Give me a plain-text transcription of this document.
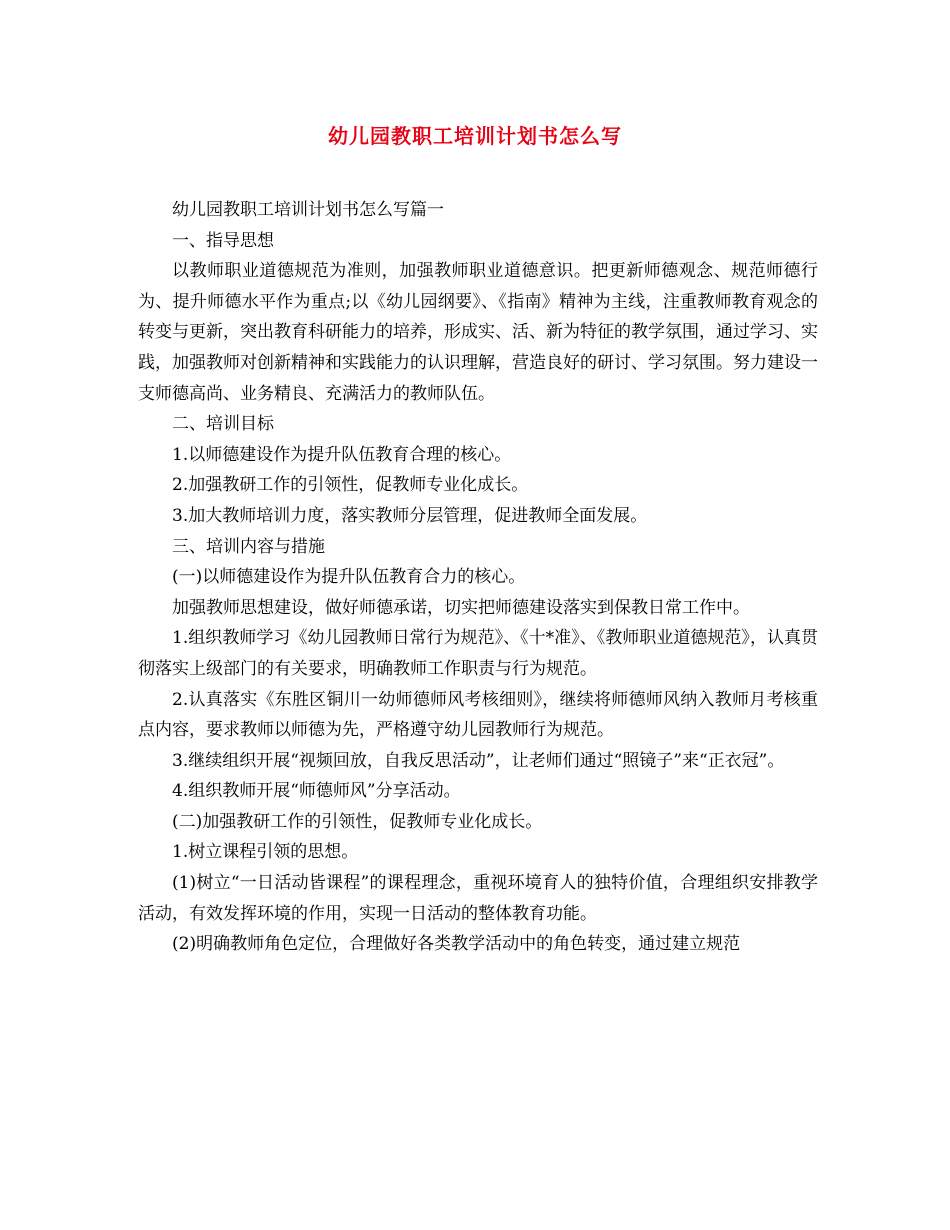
幼儿园教职工培训计划书怎么写

幼儿园教职工培训计划书怎么写篇一

一、指导思想

以教师职业道德规范为准则，加强教师职业道德意识。把更新师德观念、规范师德行为、提升师德水平作为重点;以《幼儿园纲要》、《指南》精神为主线，注重教师教育观念的转变与更新，突出教育科研能力的培养，形成实、活、新为特征的教学氛围，通过学习、实践，加强教师对创新精神和实践能力的认识理解，营造良好的研讨、学习氛围。努力建设一支师德高尚、业务精良、充满活力的教师队伍。

二、培训目标

1.以师德建设作为提升队伍教育合理的核心。

2.加强教研工作的引领性，促教师专业化成长。

3.加大教师培训力度，落实教师分层管理，促进教师全面发展。

三、培训内容与措施

(一)以师德建设作为提升队伍教育合力的核心。

加强教师思想建设，做好师德承诺，切实把师德建设落实到保教日常工作中。

1.组织教师学习《幼儿园教师日常行为规范》、《十*准》、《教师职业道德规范》，认真贯彻落实上级部门的有关要求，明确教师工作职责与行为规范。

2.认真落实《东胜区铜川一幼师德师风考核细则》，继续将师德师风纳入教师月考核重点内容，要求教师以师德为先，严格遵守幼儿园教师行为规范。

3.继续组织开展“视频回放，自我反思活动”，让老师们通过“照镜子”来“正衣冠”。

4.组织教师开展“师德师风”分享活动。

(二)加强教研工作的引领性，促教师专业化成长。

1.树立课程引领的思想。

(1)树立“一日活动皆课程”的课程理念，重视环境育人的独特价值，合理组织安排教学活动，有效发挥环境的作用，实现一日活动的整体教育功能。

(2)明确教师角色定位，合理做好各类教学活动中的角色转变，通过建立规范
